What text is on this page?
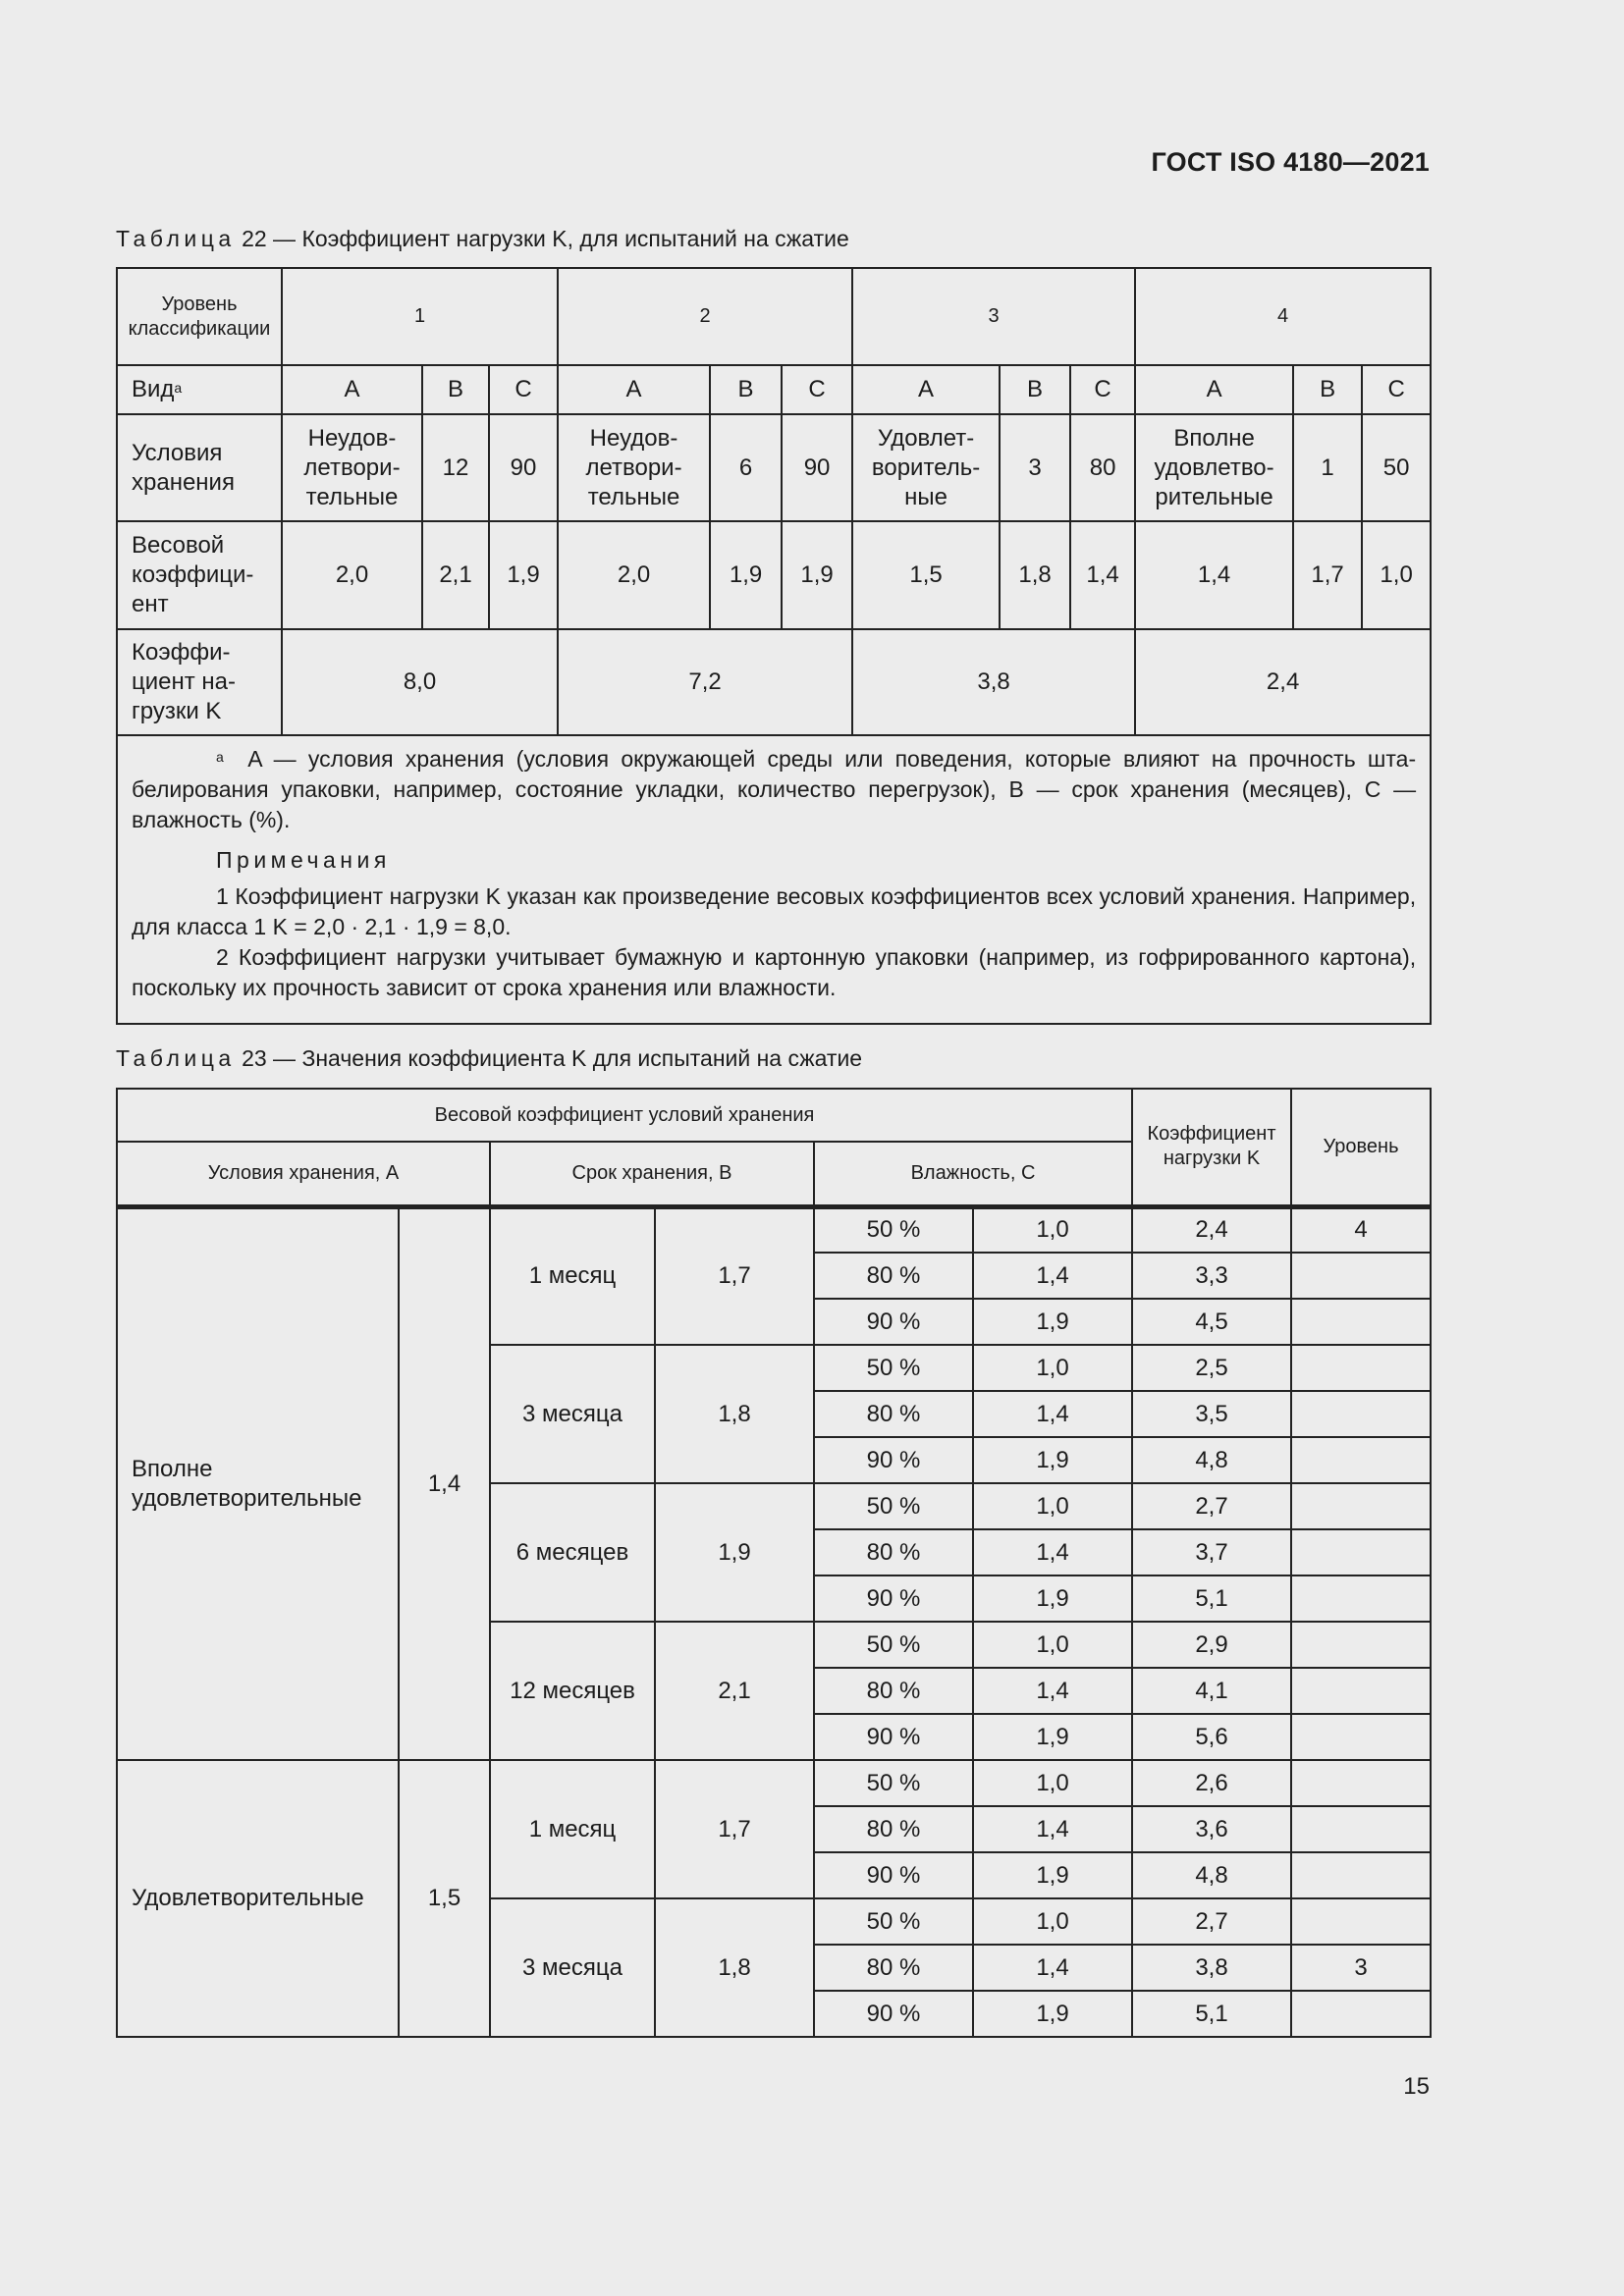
ГОСТ ISO 4180—2021
Таблица 22 — Коэффициент нагрузки K, для испытаний на сжатие
Уровень классификации	1			2			3			4		
Вид$^а$	A	B	C	A	B	C	A	B	C	A	B	C
Условия хранения	Неудовлетворительные	12	90	Неудовлетворительные	6	90	Удовлетворительные	3	80	Вполне удовлетворительные	1	50
Весовой коэффициент	2,0	2,1	1,9	2,0	1,9	1,9	1,5	1,8	1,4	1,4	1,7	1,0
Коэффициент нагрузки K	8,0			7,2			3,8			2,4		

$^а$ A — условия хранения (условия окружающей среды или поведения, которые влияют на прочность штабелирования упаковки, например, состояние укладки, количество перегрузок), B — срок хранения (месяцев), C — влажность (%).

Примечания

1 Коэффициент нагрузки K указан как произведение весовых коэффициентов всех условий хранения. Например, для класса 1 K = 2,0 · 2,1 · 1,9 = 8,0.

2 Коэффициент нагрузки учитывает бумажную и картонную упаковки (например, из гофрированного картона), поскольку их прочность зависит от срока хранения или влажности.												

Таблица 23 — Значения коэффициента K для испытаний на сжатие
Весовой коэффициент условий хранения						Коэффициент нагрузки K	Уровень
Условия хранения, A		Срок хранения, B		Влажность, C			
Вполне удовлетворительные	1,4	1 месяц	1,7	50 %	1,0	2,4	4
				80 %	1,4	3,3	
				90 %	1,9	4,5	
		3 месяца	1,8	50 %	1,0	2,5	
				80 %	1,4	3,5	
				90 %	1,9	4,8	
		6 месяцев	1,9	50 %	1,0	2,7	
				80 %	1,4	3,7	
				90 %	1,9	5,1	
		12 месяцев	2,1	50 %	1,0	2,9	
				80 %	1,4	4,1	
				90 %	1,9	5,6	
Удовлетворительные	1,5	1 месяц	1,7	50 %	1,0	2,6	
				80 %	1,4	3,6	
				90 %	1,9	4,8	
		3 месяца	1,8	50 %	1,0	2,7	
				80 %	1,4	3,8	3
				90 %	1,9	5,1	
15
